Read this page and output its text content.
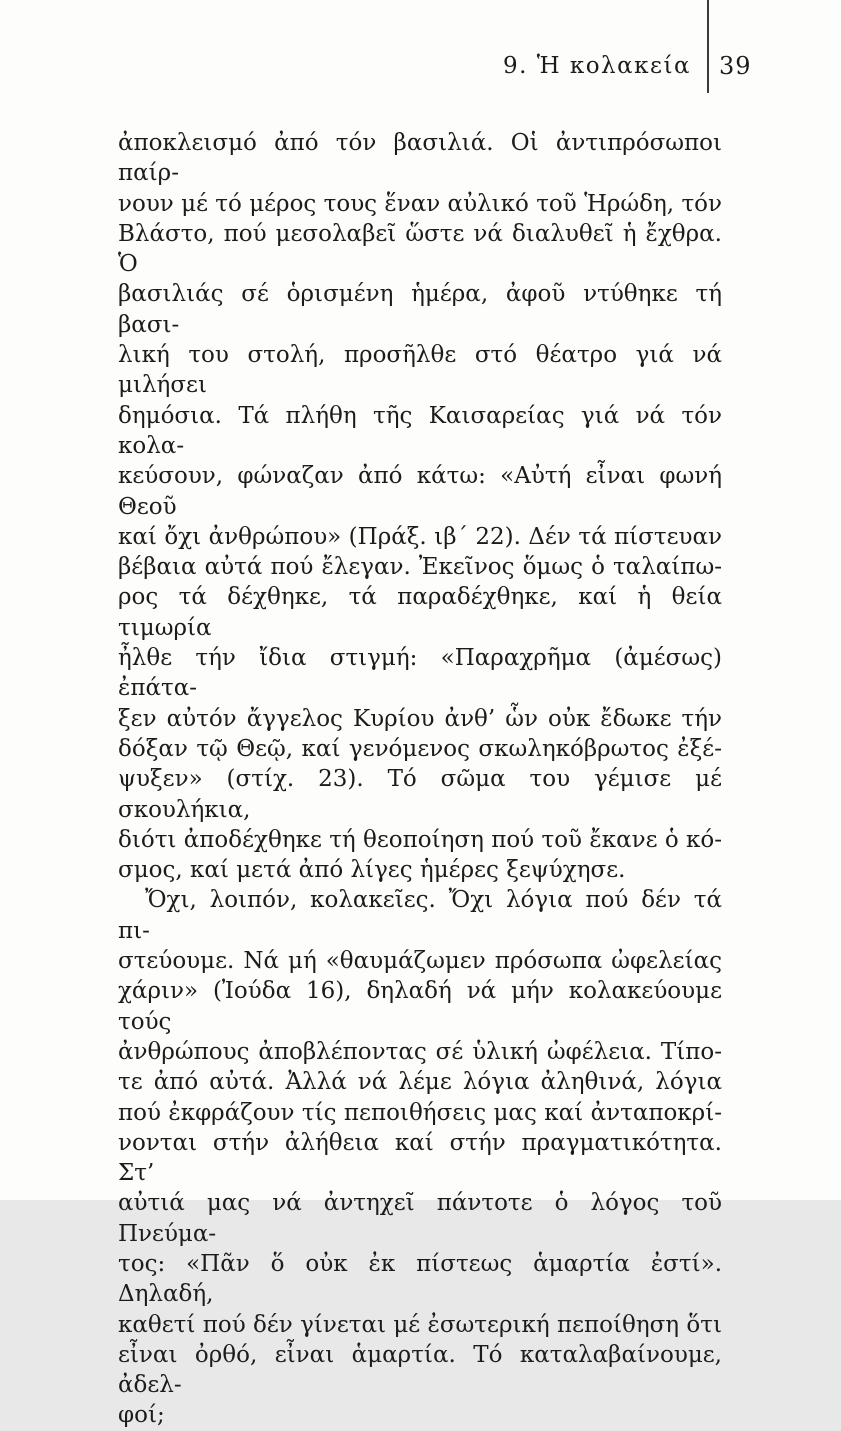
9. Ἡ κολακεία 39
ἀποκλεισμό ἀπό τόν βασιλιά. Οἱ ἀντιπρόσωποι παίρ-
νουν μέ τό μέρος τους ἕναν αὐλικό τοῦ Ἡρώδη, τόν
Βλάστο, πού μεσολαβεῖ ὥστε νά διαλυθεῖ ἡ ἔχθρα. Ὁ
βασιλιάς σέ ὁρισμένη ἡμέρα, ἀφοῦ ντύθηκε τή βασι-
λική του στολή, προσῆλθε στό θέατρο γιά νά μιλήσει
δημόσια. Τά πλήθη τῆς Καισαρείας γιά νά τόν κολα-
κεύσουν, φώναζαν ἀπό κάτω: «Αὐτή εἶναι φωνή Θεοῦ
καί ὄχι ἀνθρώπου» (Πράξ. ιβ´ 22). Δέν τά πίστευαν
βέβαια αὐτά πού ἔλεγαν. Ἐκεῖνος ὅμως ὁ ταλαίπω-
ρος τά δέχθηκε, τά παραδέχθηκε, καί ἡ θεία τιμωρία
ἦλθε τήν ἴδια στιγμή: «Παραχρῆμα (ἀμέσως) ἐπάτα-
ξεν αὐτόν ἄγγελος Κυρίου ἀνθ’ ὧν οὐκ ἔδωκε τήν
δόξαν τῷ Θεῷ, καί γενόμενος σκωληκόβρωτος ἐξέ-
ψυξεν» (στίχ. 23). Τό σῶμα του γέμισε μέ σκουλήκια,
διότι ἀποδέχθηκε τή θεοποίηση πού τοῦ ἔκανε ὁ κό-
σμος, καί μετά ἀπό λίγες ἡμέρες ξεψύχησε.
Ὄχι, λοιπόν, κολακεῖες. Ὄχι λόγια πού δέν τά πι-
στεύουμε. Νά μή «θαυμάζωμεν πρόσωπα ὠφελείας
χάριν» (Ἰούδα 16), δηλαδή νά μήν κολακεύουμε τούς
ἀνθρώπους ἀποβλέποντας σέ ὑλική ὠφέλεια. Τίπο-
τε ἀπό αὐτά. Ἀλλά νά λέμε λόγια ἀληθινά, λόγια
πού ἐκφράζουν τίς πεποιθήσεις μας καί ἀνταποκρί-
νονται στήν ἀλήθεια καί στήν πραγματικότητα. Στ’
αὐτιά μας νά ἀντηχεῖ πάντοτε ὁ λόγος τοῦ Πνεύμα-
τος: «Πᾶν ὅ οὐκ ἐκ πίστεως ἁμαρτία ἐστί». Δηλαδή,
καθετί πού δέν γίνεται μέ ἐσωτερική πεποίθηση ὅτι
εἶναι ὀρθό, εἶναι ἁμαρτία. Τό καταλαβαίνουμε, ἀδελ-
φοί;
